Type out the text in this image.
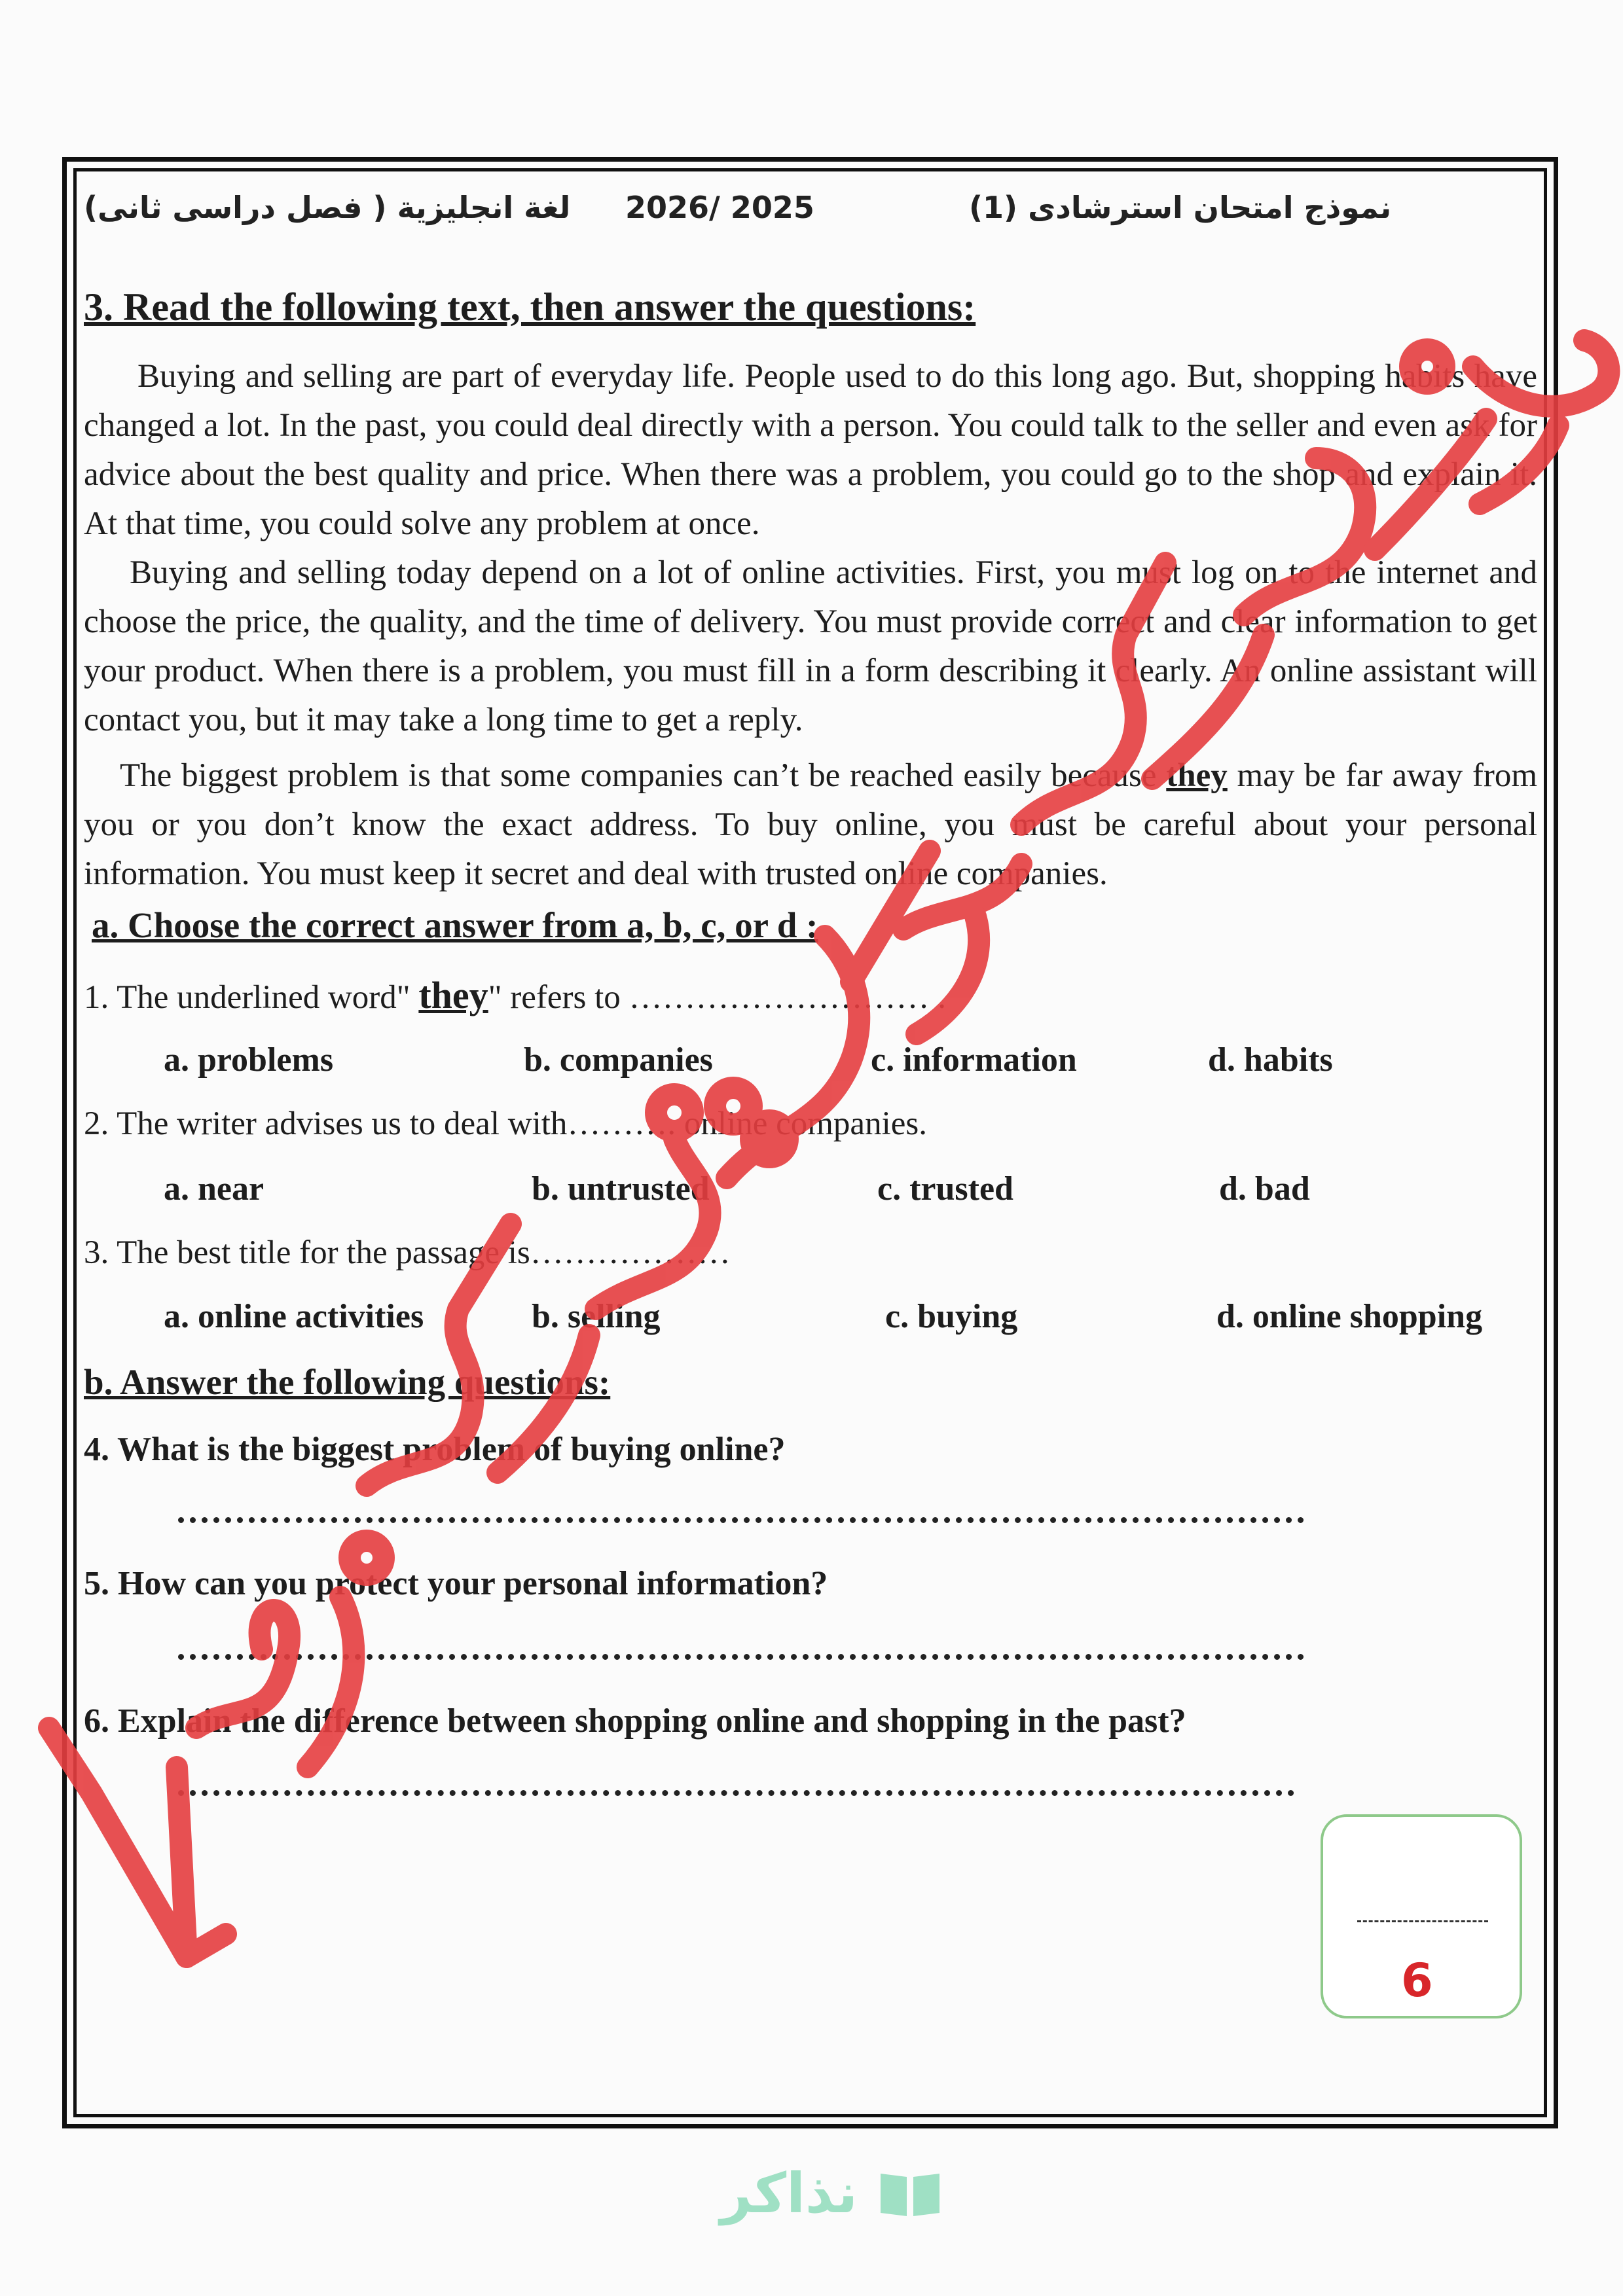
لغة انجليزية ( فصل دراسى ثانى) 2026/ 2025	نموذج امتحان استرشادى (1)
3. Read the following text, then answer the questions:
Buying and selling are part of everyday life. People used to do this long ago. But, shopping habits have changed a lot. In the past, you could deal directly with a person. You could talk to the seller and even ask for advice about the best quality and price. When there was a problem, you could go to the shop and explain it. At that time, you could solve any problem at once.
Buying and selling today depend on a lot of online activities. First, you must log on to the internet and choose the price, the quality, and the time of delivery. You must provide correct and clear information to get your product. When there is a problem, you must fill in a form describing it clearly. An online assistant will contact you, but it may take a long time to get a reply.
The biggest problem is that some companies can’t be reached easily because they may be far away from you or you don’t know the exact address. To buy online, you must be careful about your personal information. You must keep it secret and deal with trusted online companies.
a. Choose the correct answer from a, b, c, or d :
1. The underlined word" they" refers to ……………………… .
a. problems	b. companies	c. information	d. habits
2. The writer advises us to deal with………. online companies.
a. near	b. untrusted	c. trusted	d. bad
3. The best title for the passage is………………
a. online activities	b. selling	c. buying	d. online shopping
b. Answer the following questions:
4. What is the biggest problem of buying online?
5. How can you protect your personal information?
6. Explain the difference between shopping online and shopping in the past?
6
نذاكر
